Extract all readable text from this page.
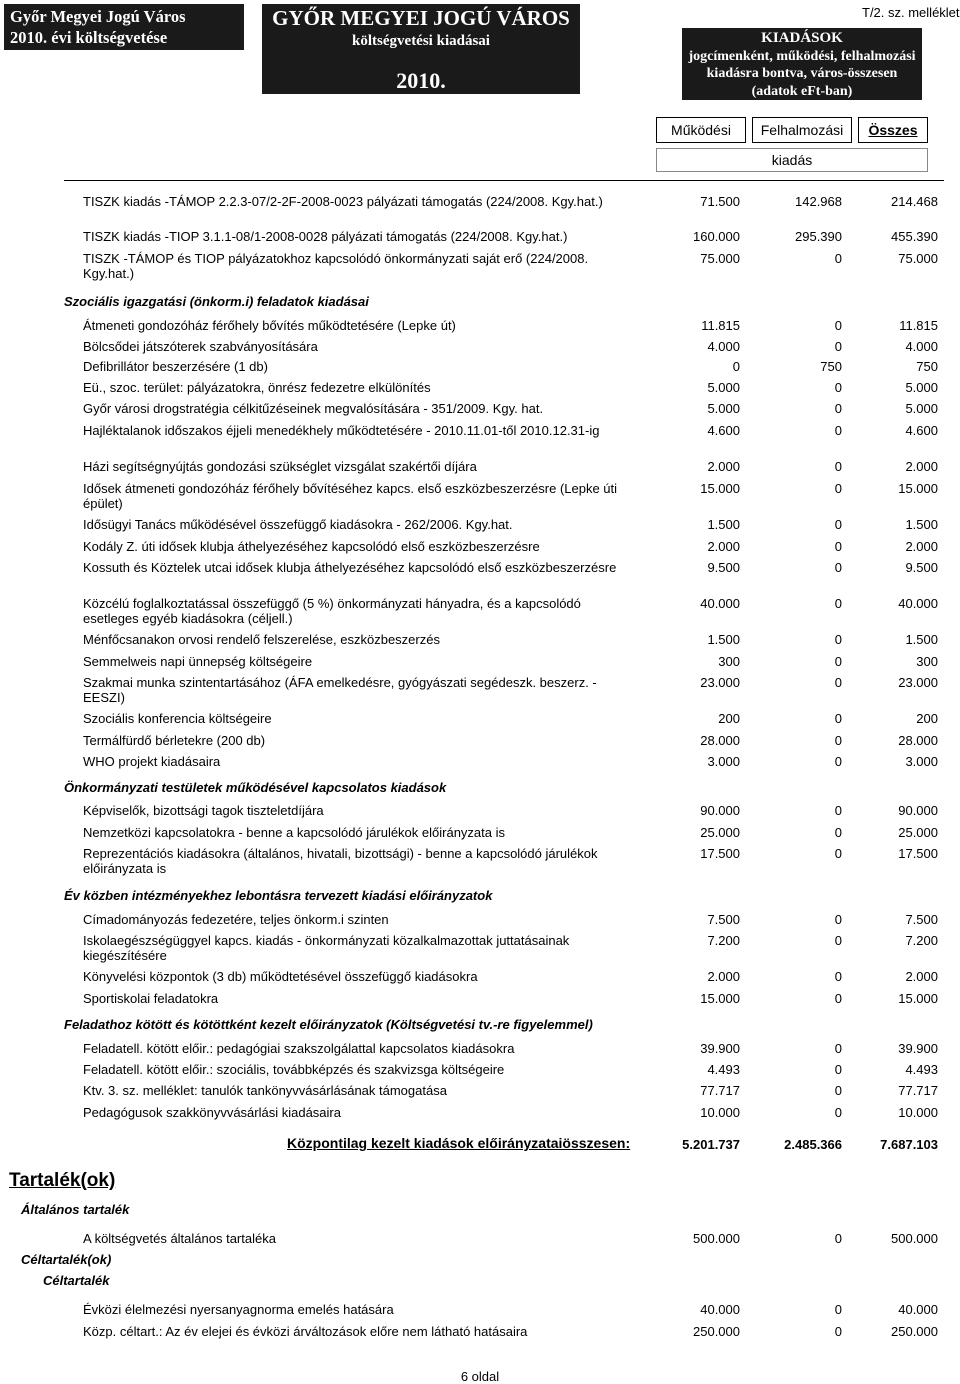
Győr Megyei Jogú Város
2010. évi költségvetése
GYŐR MEGYEI JOGÚ VÁROS
költségvetési kiadásai
2010.
T/2. sz. melléklet
KIADÁSOK
jogcímenként, működési, felhalmozási
kiadásra bontva, város-összesen
(adatok eFt-ban)
Működési	Felhalmozási	Összes
kiadás
TISZK kiadás -TÁMOP 2.2.3-07/2-2F-2008-0023 pályázati támogatás (224/2008. Kgy.hat.)	71.500	142.968	214.468
TISZK kiadás -TIOP 3.1.1-08/1-2008-0028 pályázati támogatás (224/2008. Kgy.hat.)	160.000	295.390	455.390
TISZK -TÁMOP és TIOP pályázatokhoz kapcsolódó önkormányzati saját erő (224/2008. Kgy.hat.)
75.000	0	75.000
Szociális igazgatási (önkorm.i) feladatok kiadásai
Átmeneti gondozóház férőhely bővítés működtetésére (Lepke út)	11.815	0	11.815
Bölcsődei játszóterek szabványosítására	4.000	0	4.000
Defibrillátor beszerzésére (1 db)	0	750	750
Eü., szoc. terület: pályázatokra, önrész fedezetre elkülönítés	5.000	0	5.000
Győr városi drogstratégia célkitűzéseinek megvalósítására - 351/2009. Kgy. hat.	5.000	0	5.000
Hajléktalanok időszakos éjjeli menedékhely működtetésére - 2010.11.01-től 2010.12.31-ig	4.600	0	4.600
Házi segítségnyújtás gondozási szükséglet vizsgálat szakértői díjára	2.000	0	2.000
Idősek átmeneti gondozóház férőhely bővítéséhez kapcs. első eszközbeszerzésre (Lepke úti épület)
15.000	0	15.000
Idősügyi Tanács működésével összefüggő kiadásokra - 262/2006. Kgy.hat.	1.500	0	1.500
Kodály Z. úti idősek klubja áthelyezéséhez kapcsolódó első eszközbeszerzésre	2.000	0	2.000
Kossuth és Köztelek utcai idősek klubja áthelyezéséhez kapcsolódó első eszközbeszerzésre	9.500	0	9.500
Közcélú foglalkoztatással összefüggő (5 %) önkormányzati hányadra, és a kapcsolódó esetleges egyéb kiadásokra (céljell.)
40.000	0	40.000
Ménfőcsanakon orvosi rendelő felszerelése, eszközbeszerzés	1.500	0	1.500
Semmelweis napi ünnepség költségeire	300	0	300
Szakmai munka szintentartásához (ÁFA emelkedésre, gyógyászati segédeszk. beszerz. - EESZI)
23.000	0	23.000
Szociális konferencia költségeire	200	0	200
Termálfürdő bérletekre (200 db)	28.000	0	28.000
WHO projekt kiadásaira	3.000	0	3.000
Önkormányzati testületek működésével kapcsolatos kiadások
Képviselők, bizottsági tagok tiszteletdíjára	90.000	0	90.000
Nemzetközi kapcsolatokra - benne a kapcsolódó járulékok előirányzata is	25.000	0	25.000
Reprezentációs kiadásokra (általános, hivatali, bizottsági) - benne a kapcsolódó járulékok előirányzata is
17.500	0	17.500
Év közben intézményekhez lebontásra tervezett kiadási előirányzatok
Címadományozás fedezetére, teljes önkorm.i szinten	7.500	0	7.500
Iskolaegészségüggyel kapcs. kiadás - önkormányzati közalkalmazottak juttatásainak kiegészítésére
7.200	0	7.200
Könyvelési központok (3 db) működtetésével összefüggő kiadásokra	2.000	0	2.000
Sportiskolai feladatokra	15.000	0	15.000
Feladathoz kötött és kötöttként kezelt előirányzatok (Költségvetési tv.-re figyelemmel)
Feladatell. kötött előir.: pedagógiai szakszolgálattal kapcsolatos kiadásokra	39.900	0	39.900
Feladatell. kötött előir.: szociális, továbbképzés és szakvizsga költségeire	4.493	0	4.493
Ktv. 3. sz. melléklet: tanulók tankönyvvásárlásának támogatása	77.717	0	77.717
Pedagógusok szakkönyvvásárlási kiadásaira	10.000	0	10.000
Központilag kezelt kiadások előirányzataiösszesen:	5.201.737	2.485.366	7.687.103
Tartalék(ok)
Általános tartalék
A költségvetés általános tartaléka	500.000	0	500.000
Céltartalék(ok)
Céltartalék
Évközi élelmezési nyersanyagnorma emelés hatására	40.000	0	40.000
Közp. céltart.: Az év elejei és évközi árváltozások előre nem látható hatásaira	250.000	0	250.000
6 oldal
